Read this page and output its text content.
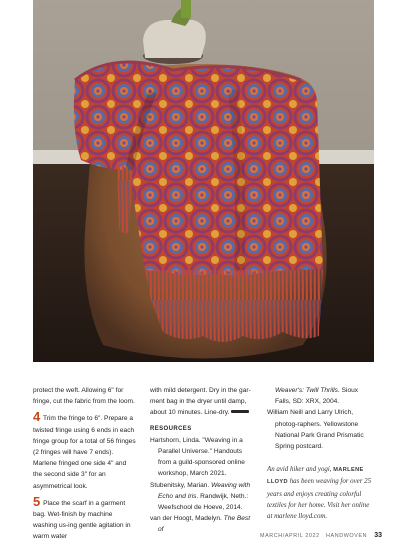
protect the weft. Allowing 6" for fringe, cut the fabric from the loom.

4 Trim the fringe to 6". Prepare a twisted fringe using 6 ends in each fringe group for a total of 56 fringes (2 fringes will have 7 ends). Marlene fringed one side 4" and the second side 3" for an asymmetrical look.

5 Place the scarf in a garment bag. Wet-finish by machine washing us-ing gentle agitation in warm water

with mild detergent. Dry in the gar-ment bag in the dryer until damp, about 10 minutes. Line-dry.

RESOURCES

Hartshorn, Linda. "Weaving in a Parallel Universe." Handouts from a guild-sponsored online workshop, March 2021.

Stubenitsky, Marian. Weaving with Echo and Iris. Randwijk, Neth.: Weefschool de Hoeve, 2014.

van der Hoogt, Madelyn. The Best of

Weaver's: Twill Thrills. Sioux Falls, SD: XRX, 2004.

William Neill and Larry Ulrich, photog-raphers. Yellowstone National Park Grand Prismatic Spring postcard.

An avid hiker and yogi, MARLENE LLOYD has been weaving for over 25 years and enjoys creating colorful textiles for her home. Visit her online at marlene lloyd.com.

MARCH/APRIL 2022 HANDWOVEN 33
